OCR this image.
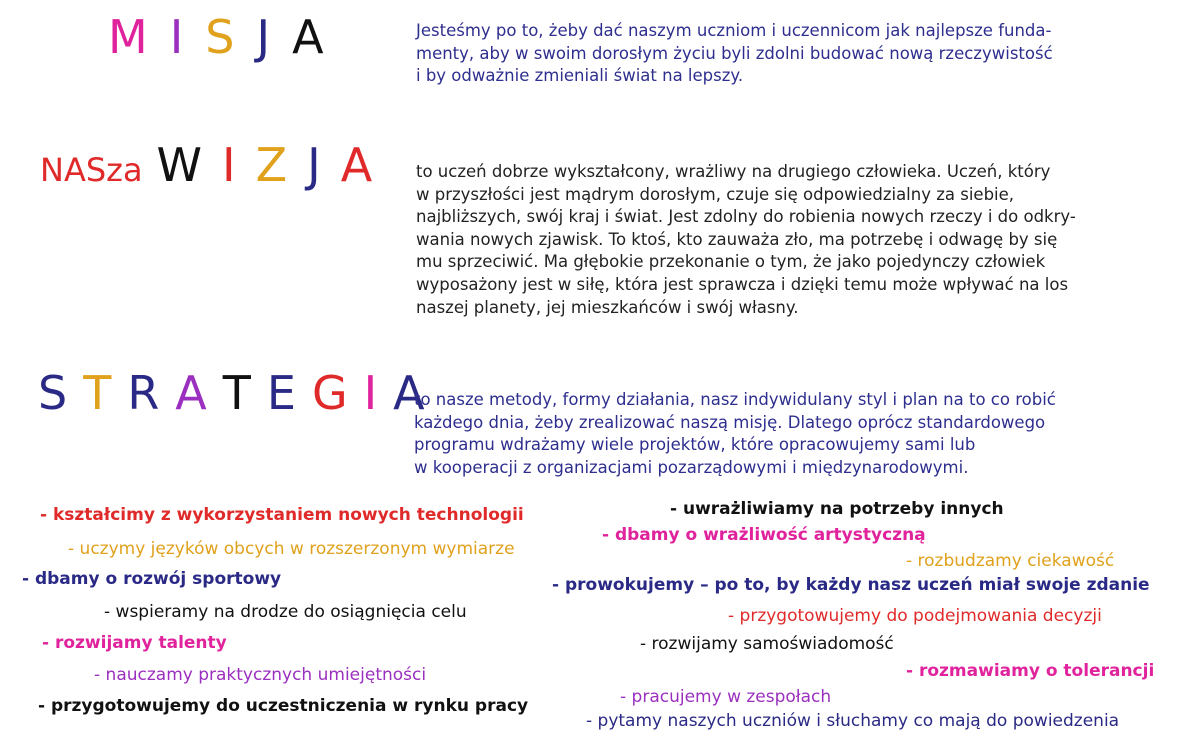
M I S J A	Jesteśmy po to, żeby dać naszym uczniom i uczennicom jak najlepsze funda-
menty, aby w swoim dorosłym życiu byli zdolni budować nową rzeczywistość
i by odważnie zmieniali świat na lepszy.
NASza W I Z J A	to uczeń dobrze wykształcony, wrażliwy na drugiego człowieka. Uczeń, który
w przyszłości jest mądrym dorosłym, czuje się odpowiedzialny za siebie,
najbliższych, swój kraj i świat. Jest zdolny do robienia nowych rzeczy i do odkry-
wania nowych zjawisk. To ktoś, kto zauważa zło, ma potrzebę i odwagę by się
mu sprzeciwić. Ma głębokie przekonanie o tym, że jako pojedynczy człowiek
wyposażony jest w siłę, która jest sprawcza i dzięki temu może wpływać na los
naszej planety, jej mieszkańców i swój własny.
S T R A T E G I A
to nasze metody, formy działania, nasz indywidulany styl i plan na to co robić
każdego dnia, żeby zrealizować naszą misję. Dlatego oprócz standardowego
programu wdrażamy wiele projektów, które opracowujemy sami lub
w kooperacji z organizacjami pozarządowymi i międzynarodowymi.
- kształcimy z wykorzystaniem nowych technologii
- uczymy języków obcych w rozszerzonym wymiarze
- dbamy o rozwój sportowy
- wspieramy na drodze do osiągnięcia celu
- rozwijamy talenty
- nauczamy praktycznych umiejętności
- przygotowujemy do uczestniczenia w rynku pracy
- uwrażliwiamy na potrzeby innych
- dbamy o wrażliwość artystyczną
- rozbudzamy ciekawość
- prowokujemy – po to, by każdy nasz uczeń miał swoje zdanie
- przygotowujemy do podejmowania decyzji
- rozwijamy samoświadomość
- rozmawiamy o tolerancji
- pracujemy w zespołach
- pytamy naszych uczniów i słuchamy co mają do powiedzenia
